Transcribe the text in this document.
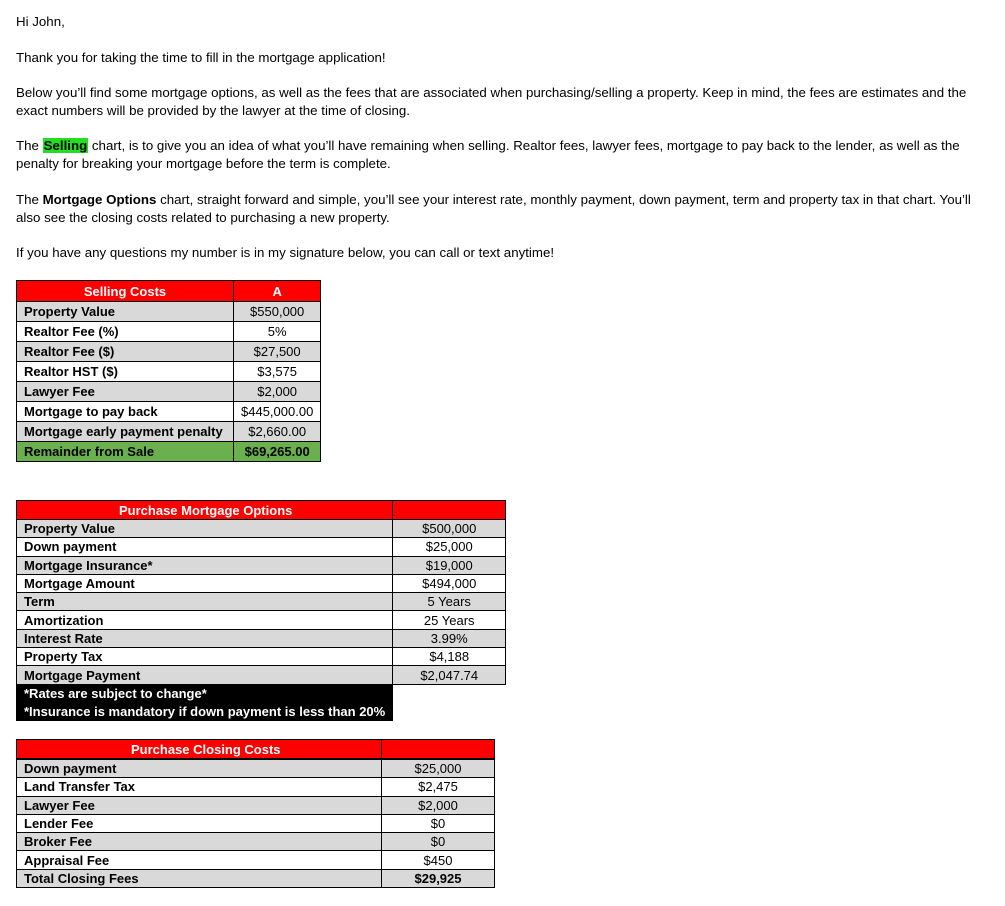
Hi John,

Thank you for taking the time to fill in the mortgage application!

Below you’ll find some mortgage options, as well as the fees that are associated when purchasing/selling a property. Keep in mind, the fees are estimates and the exact numbers will be provided by the lawyer at the time of closing.

The Selling chart, is to give you an idea of what you’ll have remaining when selling. Realtor fees, lawyer fees, mortgage to pay back to the lender, as well as the penalty for breaking your mortgage before the term is complete.

The Mortgage Options chart, straight forward and simple, you’ll see your interest rate, monthly payment, down payment, term and property tax in that chart. You’ll also see the closing costs related to purchasing a new property.

If you have any questions my number is in my signature below, you can call or text anytime!

Selling Costs	A
Property Value	$550,000
Realtor Fee (%)	5%
Realtor Fee ($)	$27,500
Realtor HST ($)	$3,575
Lawyer Fee	$2,000
Mortgage to pay back	$445,000.00
Mortgage early payment penalty	$2,660.00
Remainder from Sale	$69,265.00
Purchase Mortgage Options	
Property Value	$500,000
Down payment	$25,000
Mortgage Insurance*	$19,000
Mortgage Amount	$494,000
Term	5 Years
Amortization	25 Years
Interest Rate	3.99%
Property Tax	$4,188
Mortgage Payment	$2,047.74
*Rates are subject to change*	
*Insurance is mandatory if down payment is less than 20%	
Purchase Closing Costs	

Down payment	$25,000
Land Transfer Tax	$2,475
Lawyer Fee	$2,000
Lender Fee	$0
Broker Fee	$0
Appraisal Fee	$450
Total Closing Fees	$29,925
